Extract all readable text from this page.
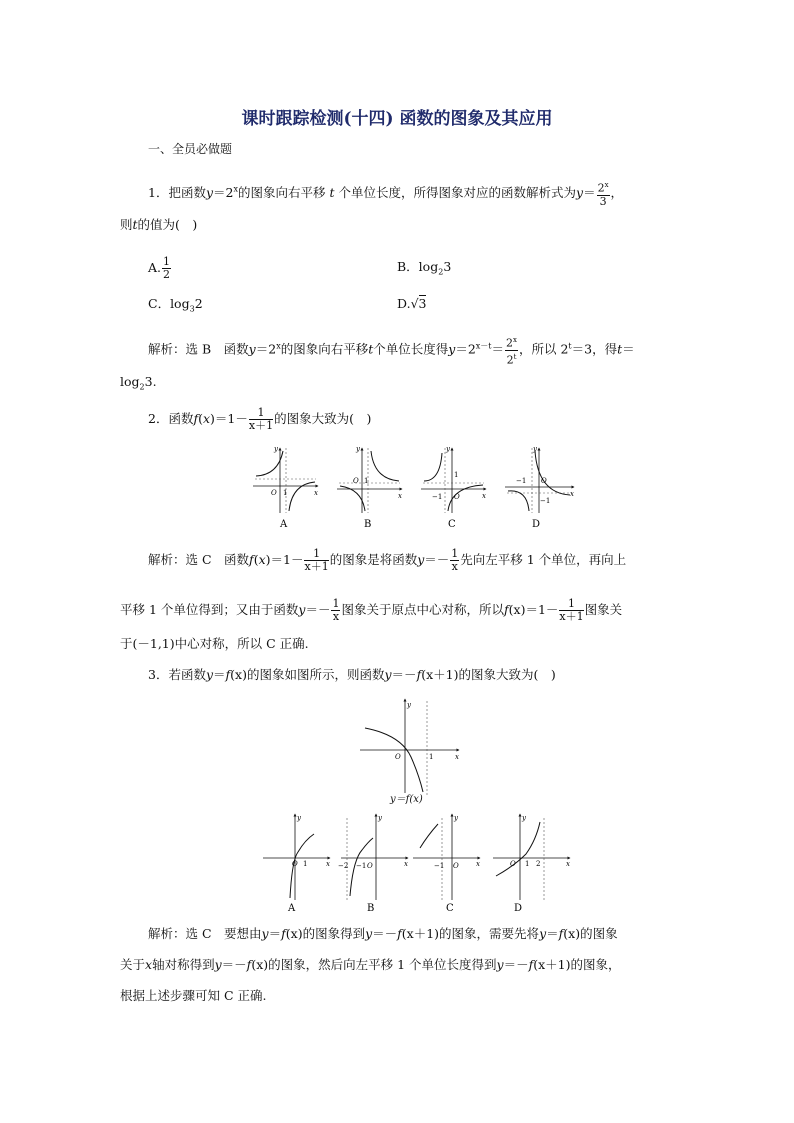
课时跟踪检测(十四) 函数的图象及其应用
一、全员必做题
1．把函数$y=2^x$的图象向右平移 t 个单位长度，所得图象对应的函数解析式为$y= \frac{2^x}{3}$ ，
则t的值为(　)
A. $\frac{1}{2}$	B．$\log_23$
C．$\log_32$	D.√3
解析：选 B　函数$y=2^x$的图象向右平移t个单位长度得$y=2^{x-t}= \frac{2^x}{2^t}$ ，所以 $2^t=3$，得t＝
$\log_23$.
2．函数$f(x)=1- \frac{1}{x+1}$ 的图象大致为(　)
y
O 1	x
A
y
O 1
x
B
y
1
−1 O	x
C
y
−1 O
−1
x
D
解析：选 C　函数$f(x)=1- \frac{1}{x+1}$ 的图象是将函数$y=- \frac{1}{x}$ 先向左平移 1 个单位，再向上
平移 1 个单位得到；又由于函数$y=- \frac{1}{x}$ 图象关于原点中心对称，所以$f(x)=1- \frac{1}{x+1}$ 图象关
于(－1,1)中心对称，所以 C 正确.
3．若函数y＝f(x)的图象如图所示，则函数y＝－f(x＋1)的图象大致为(　)
y
O	1	x
y＝f(x)
y
O 1	x
A
y
−2 −1 O	x
B
y
−1 O x
C
y
O 1 2	x
D
解析：选 C　要想由y＝f(x)的图象得到y＝－f(x＋1)的图象，需要先将y＝f(x)的图象
关于x轴对称得到y＝－f(x)的图象，然后向左平移 1 个单位长度得到y＝－f(x＋1)的图象，
根据上述步骤可知 C 正确.
